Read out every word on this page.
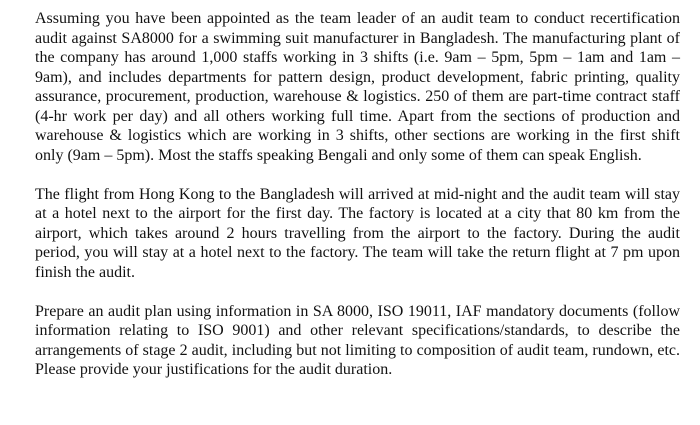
Assuming you have been appointed as the team leader of an audit team to conduct recertification audit against SA8000 for a swimming suit manufacturer in Bangladesh. The manufacturing plant of the company has around 1,000 staffs working in 3 shifts (i.e. 9am – 5pm, 5pm – 1am and 1am – 9am), and includes departments for pattern design, product development, fabric printing, quality assurance, procurement, production, warehouse & logistics. 250 of them are part-time contract staff (4-hr work per day) and all others working full time. Apart from the sections of production and warehouse & logistics which are working in 3 shifts, other sections are working in the first shift only (9am – 5pm). Most the staffs speaking Bengali and only some of them can speak English.

The flight from Hong Kong to the Bangladesh will arrived at mid-night and the audit team will stay at a hotel next to the airport for the first day. The factory is located at a city that 80 km from the airport, which takes around 2 hours travelling from the airport to the factory. During the audit period, you will stay at a hotel next to the factory. The team will take the return flight at 7 pm upon finish the audit.

Prepare an audit plan using information in SA 8000, ISO 19011, IAF mandatory documents (follow information relating to ISO 9001) and other relevant specifications/standards, to describe the arrangements of stage 2 audit, including but not limiting to composition of audit team, rundown, etc. Please provide your justifications for the audit duration.
